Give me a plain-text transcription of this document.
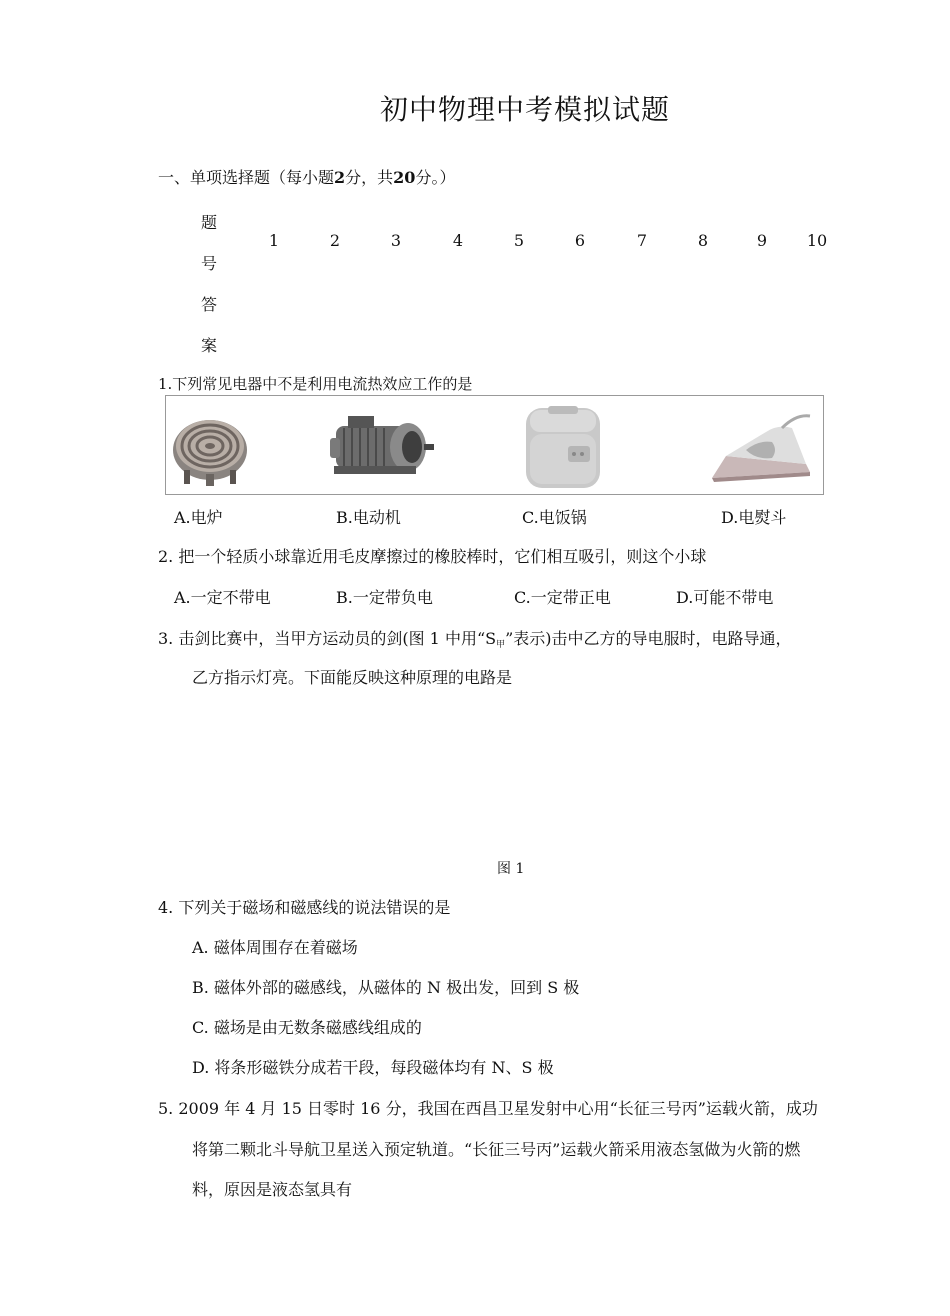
初中物理中考模拟试题
一、单项选择题（每小题2分，共20分。）
题
号
答
案
1	2	3	4	5	6	7	8	9	10
1.下列常见电器中不是利用电流热效应工作的是
A.电炉	B.电动机	C.电饭锅	D.电熨斗
2. 把一个轻质小球靠近用毛皮摩擦过的橡胶棒时，它们相互吸引，则这个小球
A.一定不带电	B.一定带负电	C.一定带正电	D.可能不带电
3. 击剑比赛中，当甲方运动员的剑(图 1 中用“$S_甲$”表示)击中乙方的导电服时，电路导通，
乙方指示灯亮。下面能反映这种原理的电路是
图 1
4. 下列关于磁场和磁感线的说法错误的是
A. 磁体周围存在着磁场
B. 磁体外部的磁感线，从磁体的 N 极出发，回到 S 极
C. 磁场是由无数条磁感线组成的
D. 将条形磁铁分成若干段，每段磁体均有 N、S 极
5. 2009 年 4 月 15 日零时 16 分，我国在西昌卫星发射中心用“长征三号丙”运载火箭，成功
将第二颗北斗导航卫星送入预定轨道。“长征三号丙”运载火箭采用液态氢做为火箭的燃
料，原因是液态氢具有
